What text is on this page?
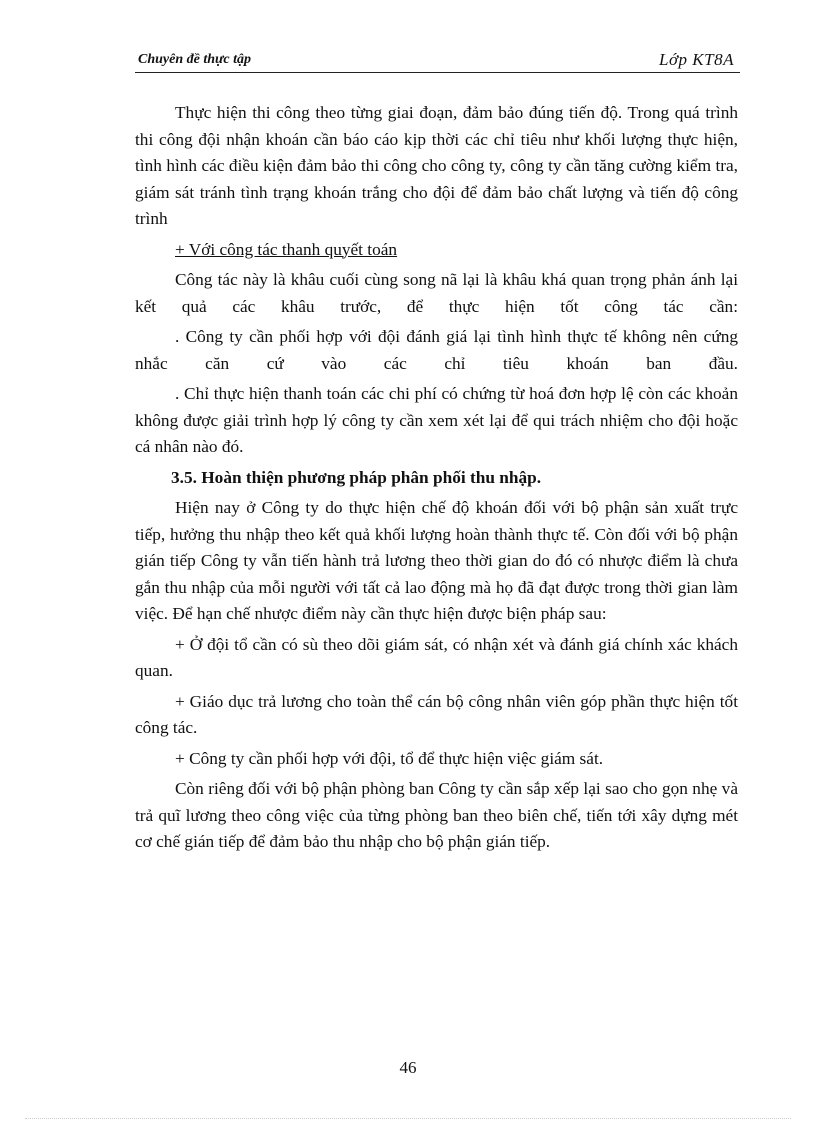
Chuyên đề thực tập	Lớp KT8A

Thực hiện thi công theo từng giai đoạn, đảm bảo đúng tiến độ. Trong quá trình thi công đội nhận khoán cần báo cáo kịp thời các chỉ tiêu như khối lượng thực hiện, tình hình các điều kiện đảm bảo thi công cho công ty, công ty cần tăng cường kiểm tra, giám sát tránh tình trạng khoán trắng cho đội để đảm bảo chất lượng và tiến độ công trình

+ Với công tác thanh quyết toán

Công tác này là khâu cuối cùng song nã lại là khâu khá quan trọng phản ánh lại kết quả các khâu trước, để thực hiện tốt công tác cần:

. Công ty cần phối hợp với đội đánh giá lại tình hình thực tế không nên cứng nhắc căn cứ vào các chỉ tiêu khoán ban đầu.

. Chỉ thực hiện thanh toán các chi phí có chứng từ hoá đơn hợp lệ còn các khoản không được giải trình hợp lý công ty cần xem xét lại để qui trách nhiệm cho đội hoặc cá nhân nào đó.

3.5. Hoàn thiện phương pháp phân phối thu nhập.

Hiện nay ở Công ty do thực hiện chế độ khoán đối với bộ phận sản xuất trực tiếp, hưởng thu nhập theo kết quả khối lượng hoàn thành thực tế. Còn đối với bộ phận gián tiếp Công ty vẫn tiến hành trả lương theo thời gian do đó có nhược điểm là chưa gắn thu nhập của mỗi người với tất cả lao động mà họ đã đạt được trong thời gian làm việc. Để hạn chế nhược điểm này cần thực hiện được biện pháp sau:

+ Ở đội tổ cần có sù theo dõi giám sát, có nhận xét và đánh giá chính xác khách quan.

+ Giáo dục trả lương cho toàn thể cán bộ công nhân viên góp phần thực hiện tốt công tác.

+ Công ty cần phối hợp với đội, tổ để thực hiện việc giám sát.

Còn riêng đối với bộ phận phòng ban Công ty cần sắp xếp lại sao cho gọn nhẹ và trả quĩ lương theo công việc của từng phòng ban theo biên chế, tiến tới xây dựng mét cơ chế gián tiếp để đảm bảo thu nhập cho bộ phận gián tiếp.

46
